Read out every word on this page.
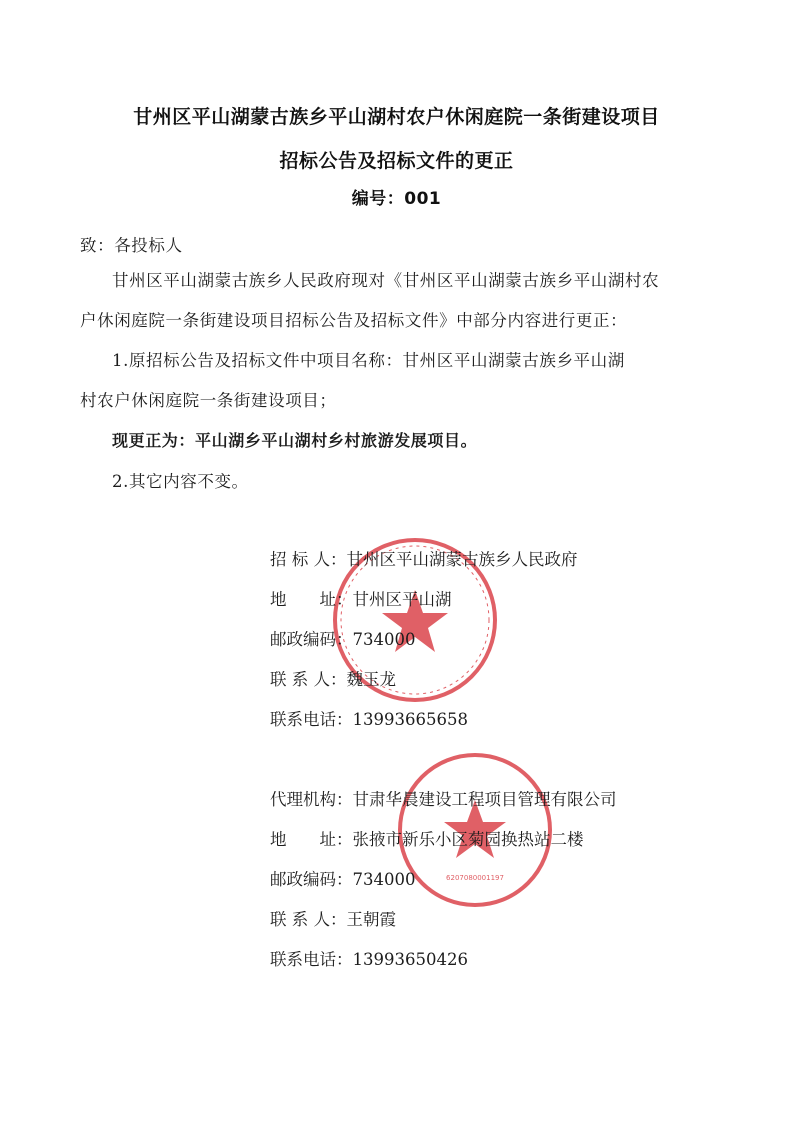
甘州区平山湖蒙古族乡平山湖村农户休闲庭院一条街建设项目
招标公告及招标文件的更正
编号：001
致：各投标人
甘州区平山湖蒙古族乡人民政府现对《甘州区平山湖蒙古族乡平山湖村农
户休闲庭院一条街建设项目招标公告及招标文件》中部分内容进行更正：
1.原招标公告及招标文件中项目名称：甘州区平山湖蒙古族乡平山湖
村农户休闲庭院一条街建设项目；
现更正为：平山湖乡平山湖村乡村旅游发展项目。
2.其它内容不变。
6207080001197
招 标 人：甘州区平山湖蒙古族乡人民政府
地　　址：甘州区平山湖
邮政编码：734000
联 系 人：魏玉龙
联系电话：13993665658
代理机构：甘肃华晨建设工程项目管理有限公司
地　　址：张掖市新乐小区菊园换热站二楼
邮政编码：734000
联 系 人：王朝霞
联系电话：13993650426
